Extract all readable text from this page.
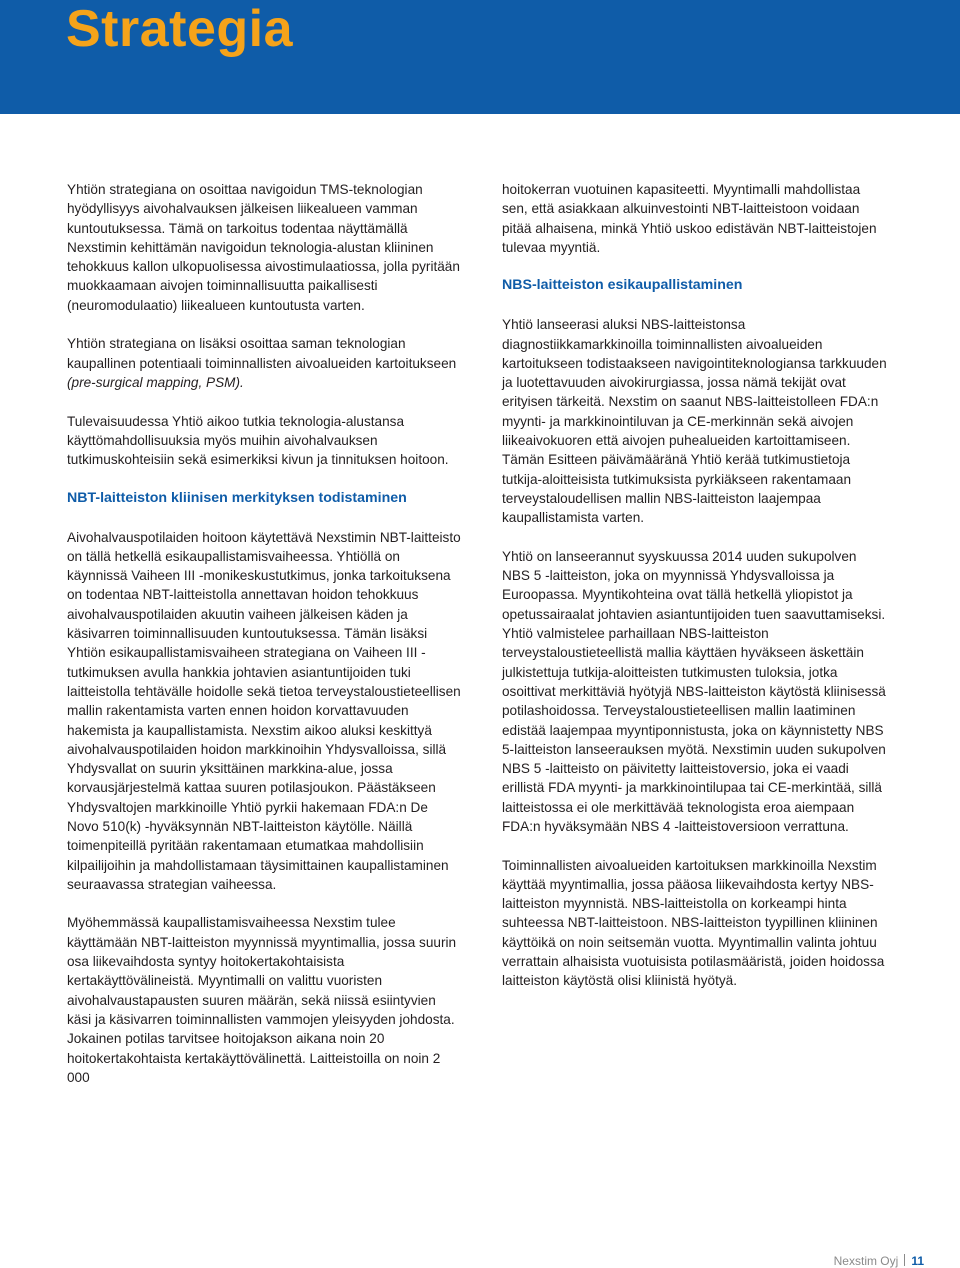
Strategia

Yhtiön strategiana on osoittaa navigoidun TMS-teknologian hyödyllisyys aivohalvauksen jälkeisen liikealueen vamman kuntoutuksessa. Tämä on tarkoitus todentaa näyttämällä Nexstimin kehittämän navigoidun teknologia-alustan kliininen tehokkuus kallon ulkopuolisessa aivostimulaatiossa, jolla pyritään muokkaamaan aivojen toiminnallisuutta paikallisesti (neuromodulaatio) liikealueen kuntoutusta varten.

Yhtiön strategiana on lisäksi osoittaa saman teknologian kaupallinen potentiaali toiminnallisten aivoalueiden kartoitukseen (pre-surgical mapping, PSM).

Tulevaisuudessa Yhtiö aikoo tutkia teknologia-alustansa käyttömahdollisuuksia myös muihin aivohalvauksen tutkimuskohteisiin sekä esimerkiksi kivun ja tinnituksen hoitoon.

NBT-laitteiston kliinisen merkityksen todistaminen

Aivohalvauspotilaiden hoitoon käytettävä Nexstimin NBT-laitteisto on tällä hetkellä esikaupallistamisvaiheessa. Yhtiöllä on käynnissä Vaiheen III -monikeskustutkimus, jonka tarkoituksena on todentaa NBT-laitteistolla annettavan hoidon tehokkuus aivohalvauspotilaiden akuutin vaiheen jälkeisen käden ja käsivarren toiminnallisuuden kuntoutuksessa. Tämän lisäksi Yhtiön esikaupallistamisvaiheen strategiana on Vaiheen III -tutkimuksen avulla hankkia johtavien asiantuntijoiden tuki laitteistolla tehtävälle hoidolle sekä tietoa terveystaloustieteellisen mallin rakentamista varten ennen hoidon korvattavuuden hakemista ja kaupallistamista. Nexstim aikoo aluksi keskittyä aivohalvauspotilaiden hoidon markkinoihin Yhdysvalloissa, sillä Yhdysvallat on suurin yksittäinen markkina-alue, jossa korvausjärjestelmä kattaa suuren potilasjoukon. Päästäkseen Yhdysvaltojen markkinoille Yhtiö pyrkii hakemaan FDA:n De Novo 510(k) -hyväksynnän NBT-laitteiston käytölle. Näillä toimenpiteillä pyritään rakentamaan etumatkaa mahdollisiin kilpailijoihin ja mahdollistamaan täysimittainen kaupallistaminen seuraavassa strategian vaiheessa.

Myöhemmässä kaupallistamisvaiheessa Nexstim tulee käyttämään NBT-laitteiston myynnissä myyntimallia, jossa suurin osa liikevaihdosta syntyy hoitokertakohtaisista kertakäyttövälineistä. Myyntimalli on valittu vuoristen aivohalvaustapausten suuren määrän, sekä niissä esiintyvien käsi ja käsivarren toiminnallisten vammojen yleisyyden johdosta. Jokainen potilas tarvitsee hoitojakson aikana noin 20 hoitokertakohtaista kertakäyttövälinettä. Laitteistoilla on noin 2 000

hoitokerran vuotuinen kapasiteetti. Myyntimalli mahdollistaa sen, että asiakkaan alkuinvestointi NBT-laitteistoon voidaan pitää alhaisena, minkä Yhtiö uskoo edistävän NBT-laitteistojen tulevaa myyntiä.

NBS-laitteiston esikaupallistaminen

Yhtiö lanseerasi aluksi NBS-laitteistonsa diagnostiikkamarkkinoilla toiminnallisten aivoalueiden kartoitukseen todistaakseen navigointiteknologiansa tarkkuuden ja luotettavuuden aivokirurgiassa, jossa nämä tekijät ovat erityisen tärkeitä. Nexstim on saanut NBS-laitteistolleen FDA:n myynti- ja markkinointiluvan ja CE-merkinnän sekä aivojen liikeaivokuoren että aivojen puhealueiden kartoittamiseen. Tämän Esitteen päivämääränä Yhtiö kerää tutkimustietoja tutkija-aloitteisista tutkimuksista pyrkiäkseen rakentamaan terveystaloudellisen mallin NBS-laitteiston laajempaa kaupallistamista varten.

Yhtiö on lanseerannut syyskuussa 2014 uuden sukupolven NBS 5 -laitteiston, joka on myynnissä Yhdysvalloissa ja Euroopassa. Myyntikohteina ovat tällä hetkellä yliopistot ja opetussairaalat johtavien asiantuntijoiden tuen saavuttamiseksi. Yhtiö valmistelee parhaillaan NBS-laitteiston terveystaloustieteellistä mallia käyttäen hyväkseen äskettäin julkistettuja tutkija-aloitteisten tutkimusten tuloksia, jotka osoittivat merkittäviä hyötyjä NBS-laitteiston käytöstä kliinisessä potilashoidossa. Terveystaloustieteellisen mallin laatiminen edistää laajempaa myyntiponnistusta, joka on käynnistetty NBS 5-laitteiston lanseerauksen myötä. Nexstimin uuden sukupolven NBS 5 -laitteisto on päivitetty laitteistoversio, joka ei vaadi erillistä FDA myynti- ja markkinointilupaa tai CE-merkintää, sillä laitteistossa ei ole merkittävää teknologista eroa aiempaan FDA:n hyväksymään NBS 4 -laitteistoversioon verrattuna.

Toiminnallisten aivoalueiden kartoituksen markkinoilla Nexstim käyttää myyntimallia, jossa pääosa liikevaihdosta kertyy NBS-laitteiston myynnistä. NBS-laitteistolla on korkeampi hinta suhteessa NBT-laitteistoon. NBS-laitteiston tyypillinen kliininen käyttöikä on noin seitsemän vuotta. Myyntimallin valinta johtuu verrattain alhaisista vuotuisista potilasmääristä, joiden hoidossa laitteiston käytöstä olisi kliinistä hyötyä.

Nexstim Oyj 11
